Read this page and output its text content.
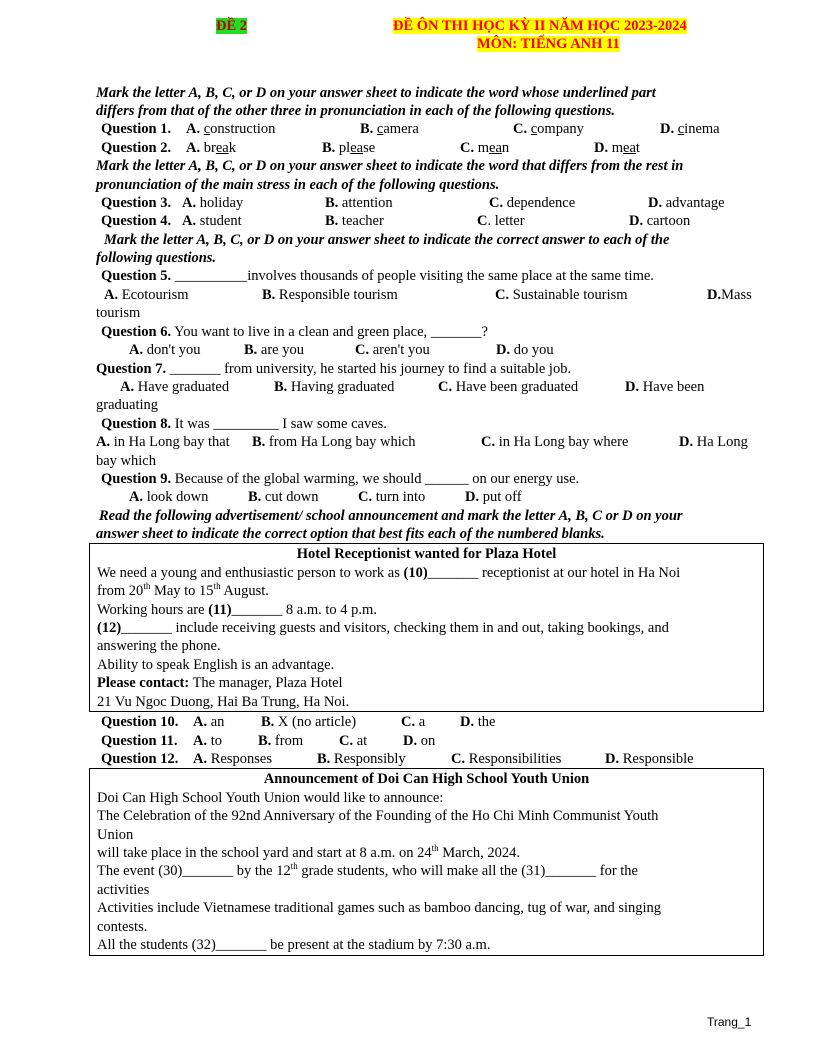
ĐỀ 2	ĐỀ ÔN THI HỌC KỲ II NĂM HỌC 2023-2024
MÔN: TIẾNG ANH 11
Mark the letter A, B, C, or D on your answer sheet to indicate the word whose underlined part
differs from that of the other three in pronunciation in each of the following questions.
Question 1. A. construction	B. camera	C. company	D. cinema
Question 2. A. break	B. please	C. mean	D. meat
Mark the letter A, B, C, or D on your answer sheet to indicate the word that differs from the rest in
pronunciation of the main stress in each of the following questions.
Question 3. A. holiday	B. attention	C. dependence	D. advantage
Question 4. A. student	B. teacher	C. letter	D. cartoon
Mark the letter A, B, C, or D on your answer sheet to indicate the correct answer to each of the
following questions.
Question 5. __________involves thousands of people visiting the same place at the same time.
A. Ecotourism	B. Responsible tourism	C. Sustainable tourism	D.Mass
tourism
Question 6. You want to live in a clean and green place, _______?
A. don't you	B. are you	C. aren't you	D. do you
Question 7. _______ from university, he started his journey to find a suitable job.
A. Have graduated	B. Having graduated	C. Have been graduated	D. Have been
graduating
Question 8. It was _________ I saw some caves.
A. in Ha Long bay that B. from Ha Long bay which	C. in Ha Long bay where	D. Ha Long
bay which
Question 9. Because of the global warming, we should ______ on our energy use.
A. look down	B. cut down	C. turn into	D. put off
Read the following advertisement/ school announcement and mark the letter A, B, C or D on your
answer sheet to indicate the correct option that best fits each of the numbered blanks.
Hotel Receptionist wanted for Plaza Hotel
We need a young and enthusiastic person to work as (10)_______ receptionist at our hotel in Ha Noi
from 20th May to 15th August.
Working hours are (11)_______ 8 a.m. to 4 p.m.
(12)_______ include receiving guests and visitors, checking them in and out, taking bookings, and
answering the phone.
Ability to speak English is an advantage.
Please contact: The manager, Plaza Hotel
21 Vu Ngoc Duong, Hai Ba Trung, Ha Noi.
Question 10. A. an	B. X (no article)	C. a D. the
Question 11. A. to B. from C. at D. on
Question 12. A. Responses	B. Responsibly	C. Responsibilities	D. Responsible
Announcement of Doi Can High School Youth Union
Doi Can High School Youth Union would like to announce:
The Celebration of the 92nd Anniversary of the Founding of the Ho Chi Minh Communist Youth
Union
will take place in the school yard and start at 8 a.m. on 24th March, 2024.
The event (30)_______ by the 12th grade students, who will make all the (31)_______ for the
activities
Activities include Vietnamese traditional games such as bamboo dancing, tug of war, and singing
contests.
All the students (32)_______ be present at the stadium by 7:30 a.m.
Trang_1
